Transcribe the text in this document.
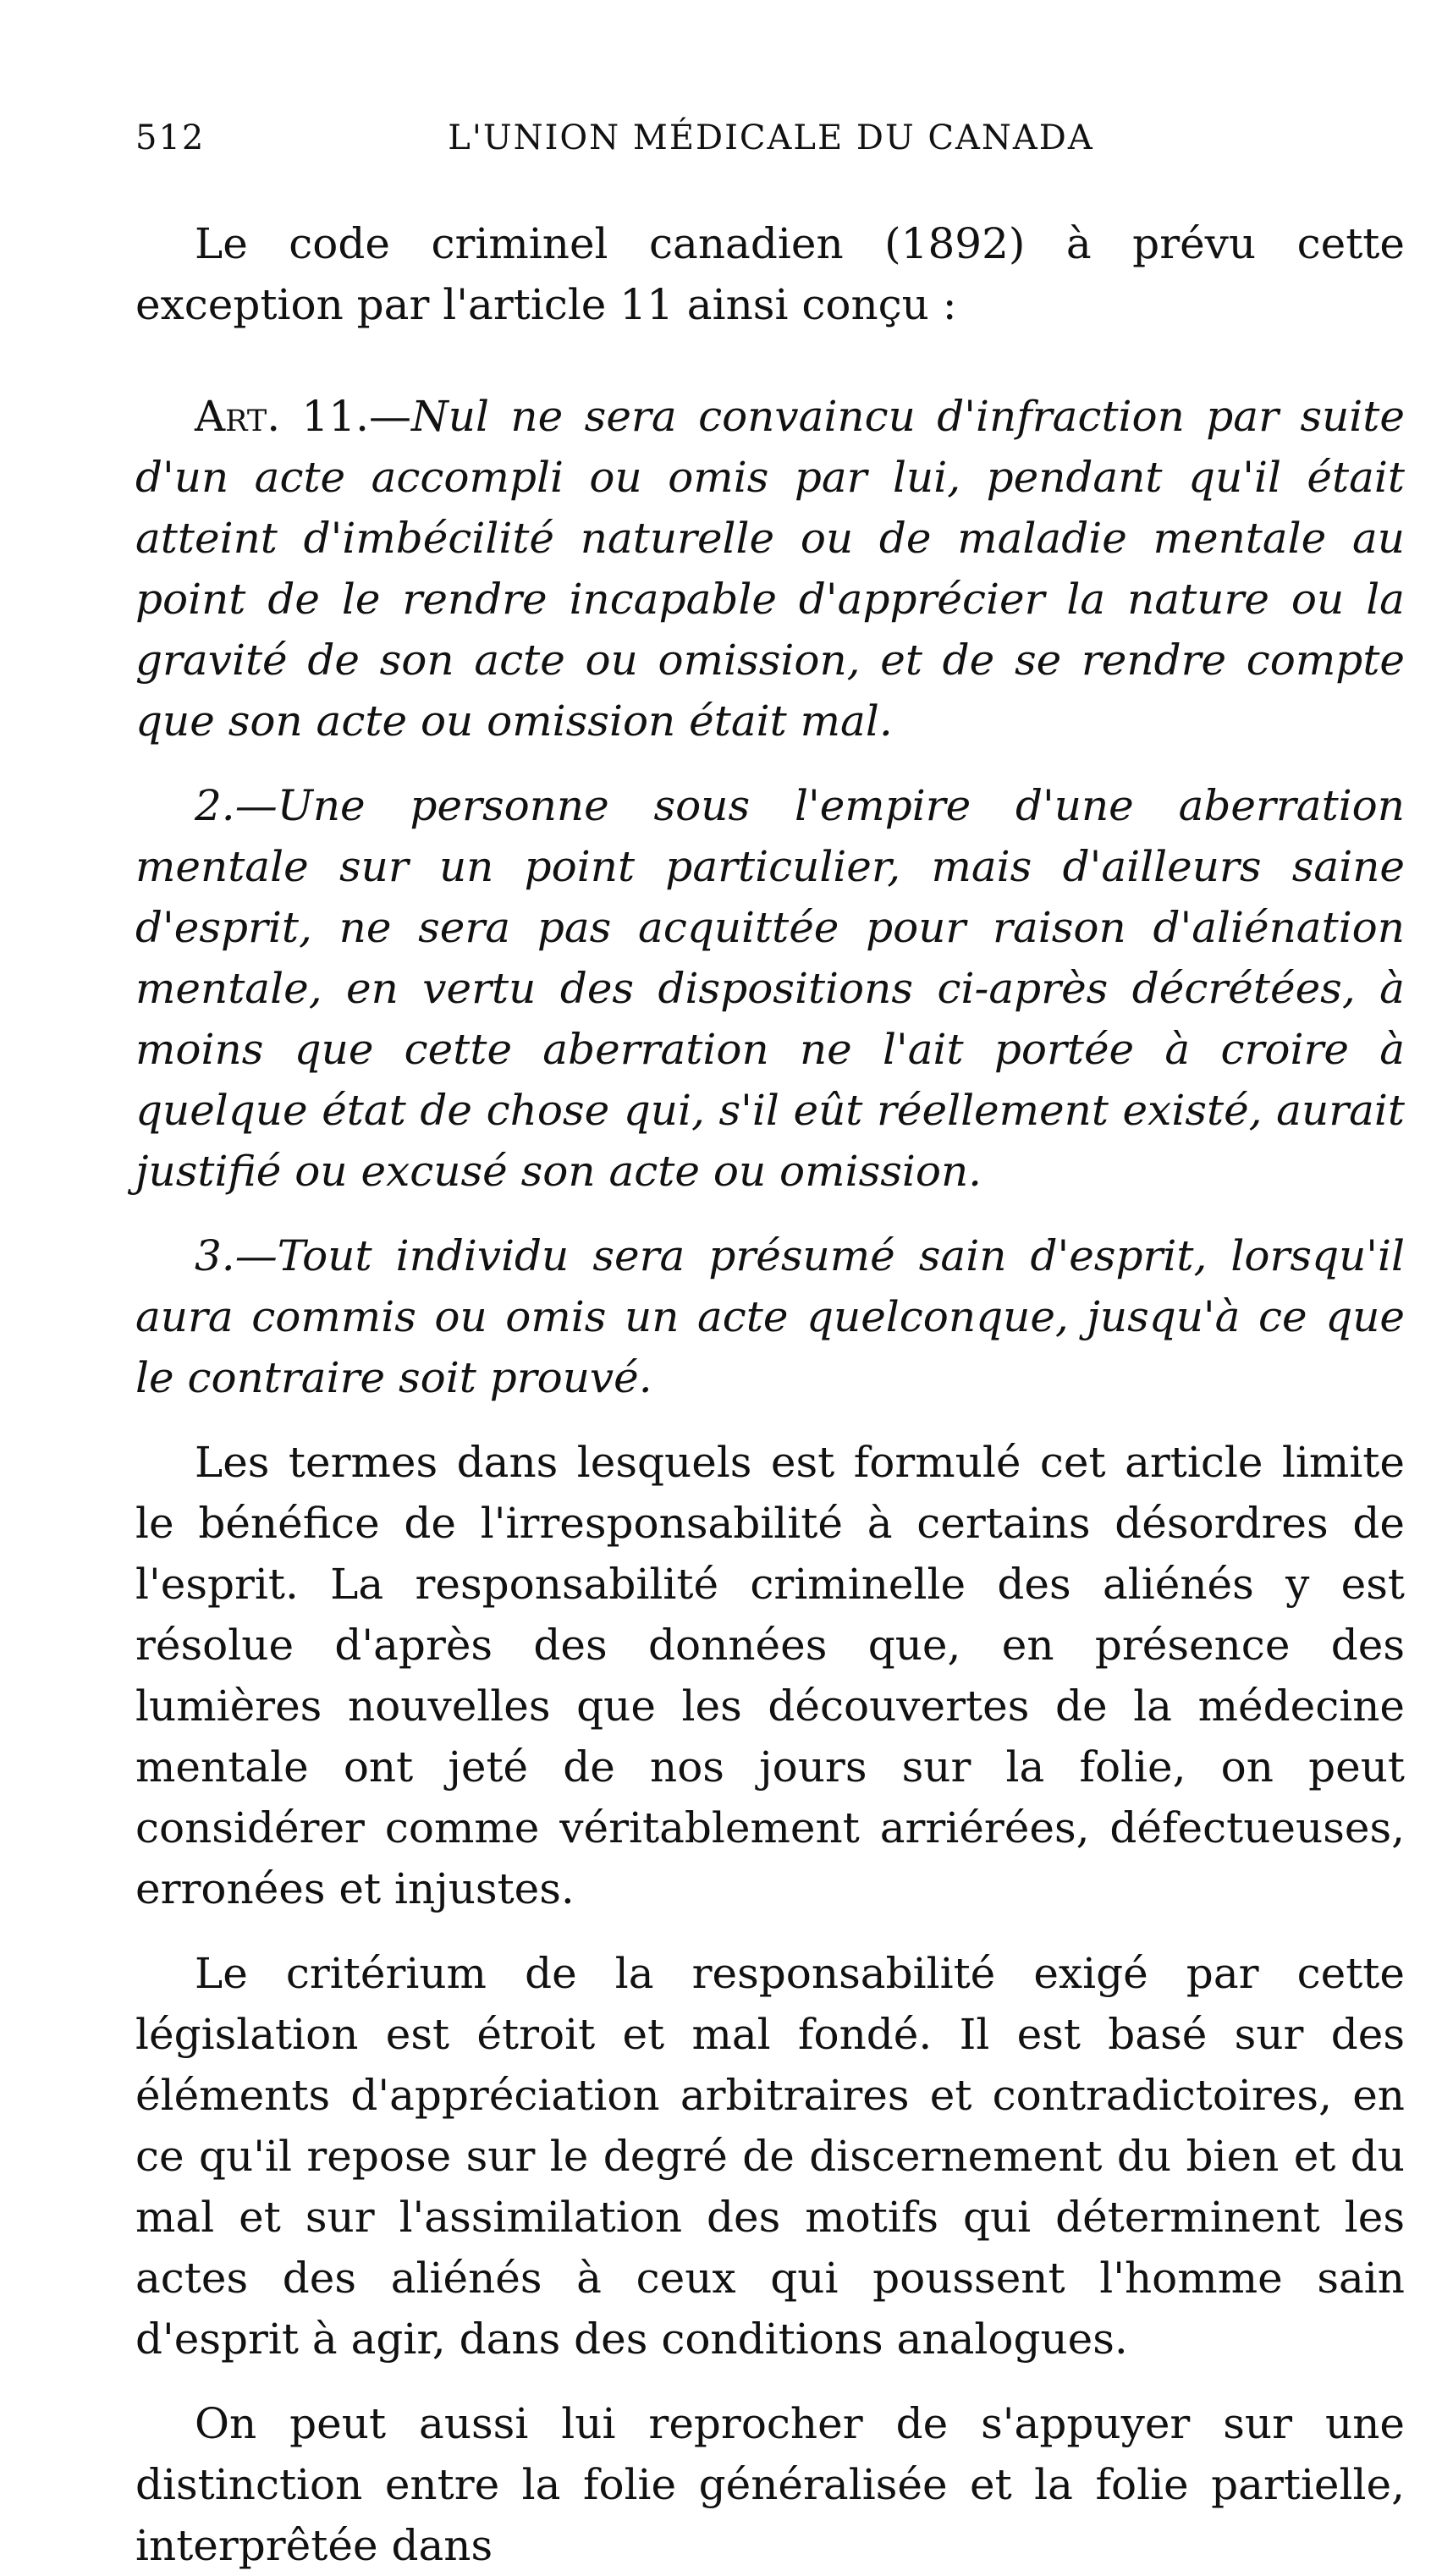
512	L'UNION MÉDICALE DU CANADA

Le code criminel canadien (1892) à prévu cette exception par l'article 11 ainsi conçu :

Art. 11.—Nul ne sera convaincu d'infraction par suite d'un acte accompli ou omis par lui, pendant qu'il était atteint d'imbécilité naturelle ou de maladie mentale au point de le rendre incapable d'apprécier la nature ou la gravité de son acte ou omission, et de se rendre compte que son acte ou omission était mal.

2.—Une personne sous l'empire d'une aberration mentale sur un point particulier, mais d'ailleurs saine d'esprit, ne sera pas acquittée pour raison d'aliénation mentale, en vertu des dispositions ci-après décrétées, à moins que cette aberration ne l'ait portée à croire à quelque état de chose qui, s'il eût réellement existé, aurait justifié ou excusé son acte ou omission.

3.—Tout individu sera présumé sain d'esprit, lorsqu'il aura commis ou omis un acte quelconque, jusqu'à ce que le contraire soit prouvé.

Les termes dans lesquels est formulé cet article limite le bénéfice de l'irresponsabilité à certains désordres de l'esprit. La responsabilité criminelle des aliénés y est résolue d'après des données que, en présence des lumières nouvelles que les découvertes de la médecine mentale ont jeté de nos jours sur la folie, on peut considérer comme véritablement arriérées, défectueuses, erronées et injustes.

Le critérium de la responsabilité exigé par cette législation est étroit et mal fondé. Il est basé sur des éléments d'appréciation arbitraires et contradictoires, en ce qu'il repose sur le degré de discernement du bien et du mal et sur l'assimilation des motifs qui déterminent les actes des aliénés à ceux qui poussent l'homme sain d'esprit à agir, dans des conditions analogues.

On peut aussi lui reprocher de s'appuyer sur une distinction entre la folie généralisée et la folie partielle, interprêtée dans
